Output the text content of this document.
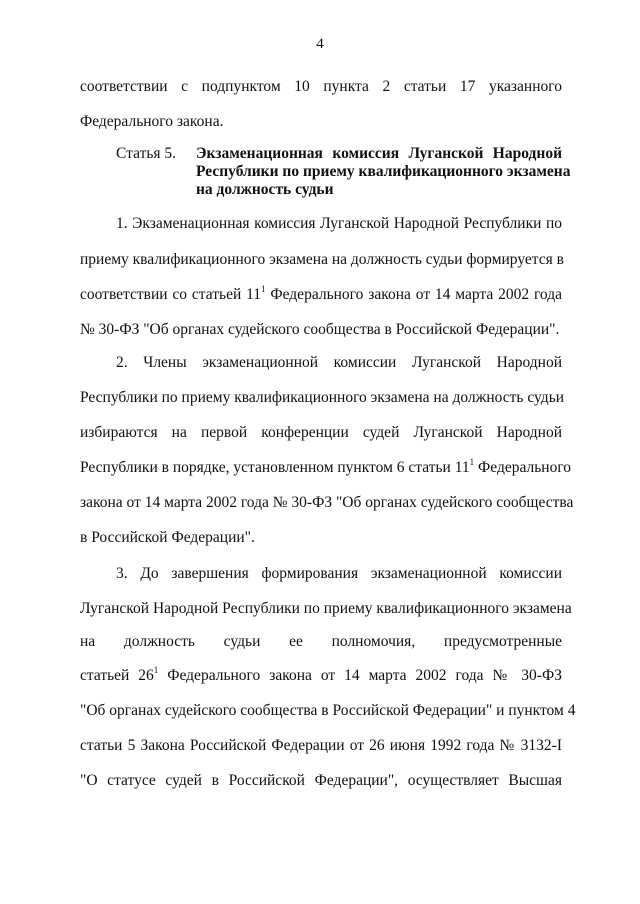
4
соответствии с подпунктом 10 пункта 2 статьи 17 указанного
Федерального закона.
Статья 5. Экзаменационная комиссия Луганской Народной
Республики по приему квалификационного экзамена
на должность судьи
1. Экзаменационная комиссия Луганской Народной Республики по
приему квалификационного экзамена на должность судьи формируется в
соответствии со статьей $11^1$ Федерального закона от 14 марта 2002 года
№ 30-ФЗ "Об органах судейского сообщества в Российской Федерации".
2. Члены экзаменационной комиссии Луганской Народной
Республики по приему квалификационного экзамена на должность судьи
избираются на первой конференции судей Луганской Народной
Республики в порядке, установленном пунктом 6 статьи $11^1$ Федерального
закона от 14 марта 2002 года № 30-ФЗ "Об органах судейского сообщества
в Российской Федерации".
3. До завершения формирования экзаменационной комиссии
Луганской Народной Республики по приему квалификационного экзамена
на должность судьи ее полномочия, предусмотренные
статьей $26^1$ Федерального закона от 14 марта 2002 года № 30-ФЗ
"Об органах судейского сообщества в Российской Федерации" и пунктом 4
статьи 5 Закона Российской Федерации от 26 июня 1992 года № 3132-I
"О статусе судей в Российской Федерации", осуществляет Высшая
